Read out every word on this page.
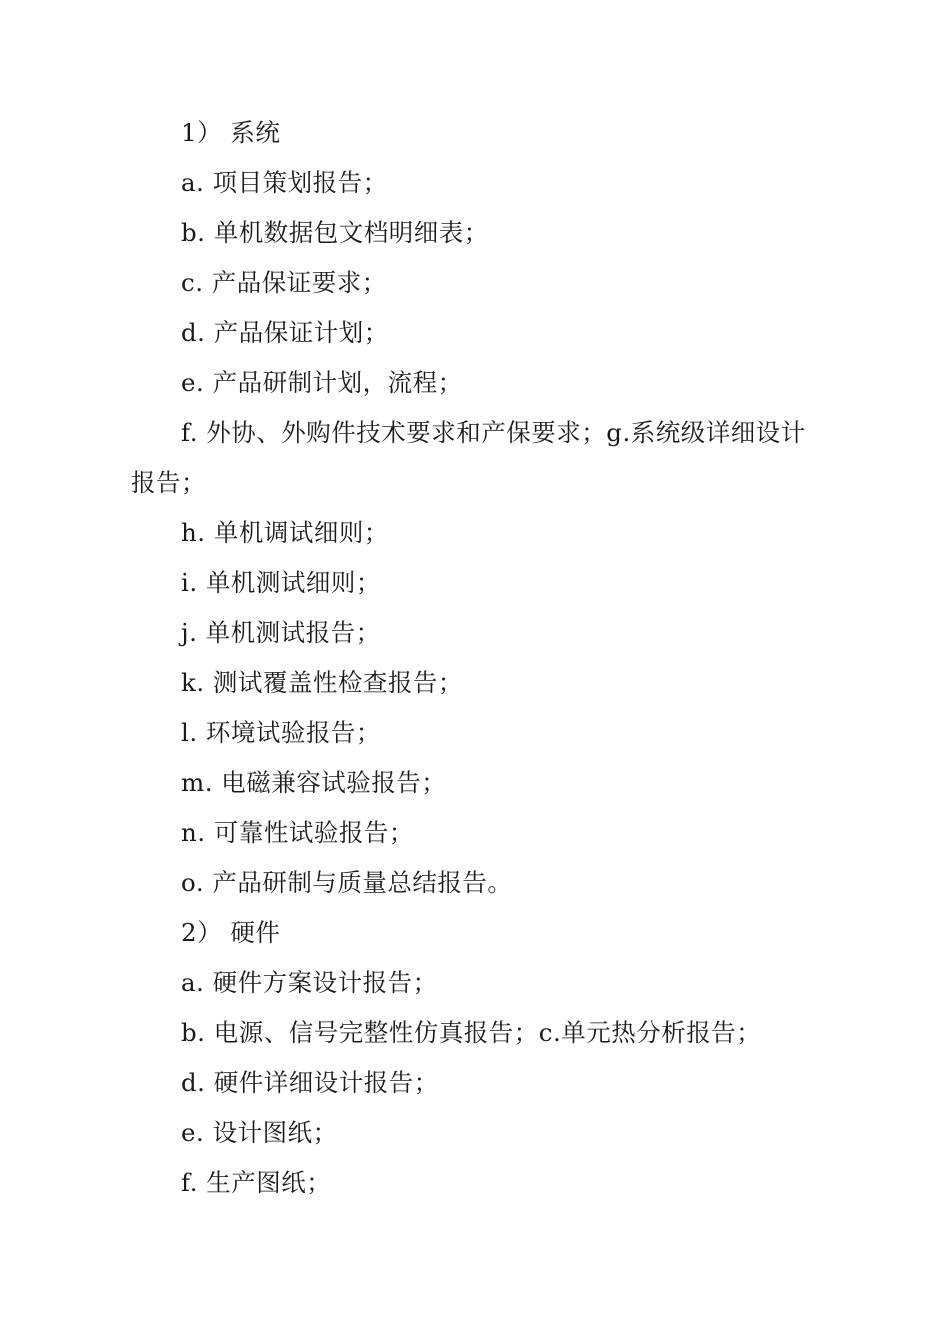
1） 系统

a. 项目策划报告；

b. 单机数据包文档明细表；

c. 产品保证要求；

d. 产品保证计划；

e. 产品研制计划，流程；

f. 外协、外购件技术要求和产保要求；g.系统级详细设计报告；

h. 单机调试细则；

i. 单机测试细则；

j. 单机测试报告；

k. 测试覆盖性检查报告；

l. 环境试验报告；

m. 电磁兼容试验报告；

n. 可靠性试验报告；

o. 产品研制与质量总结报告。

2） 硬件

a. 硬件方案设计报告；

b. 电源、信号完整性仿真报告；c.单元热分析报告；

d. 硬件详细设计报告；

e. 设计图纸；

f. 生产图纸；
